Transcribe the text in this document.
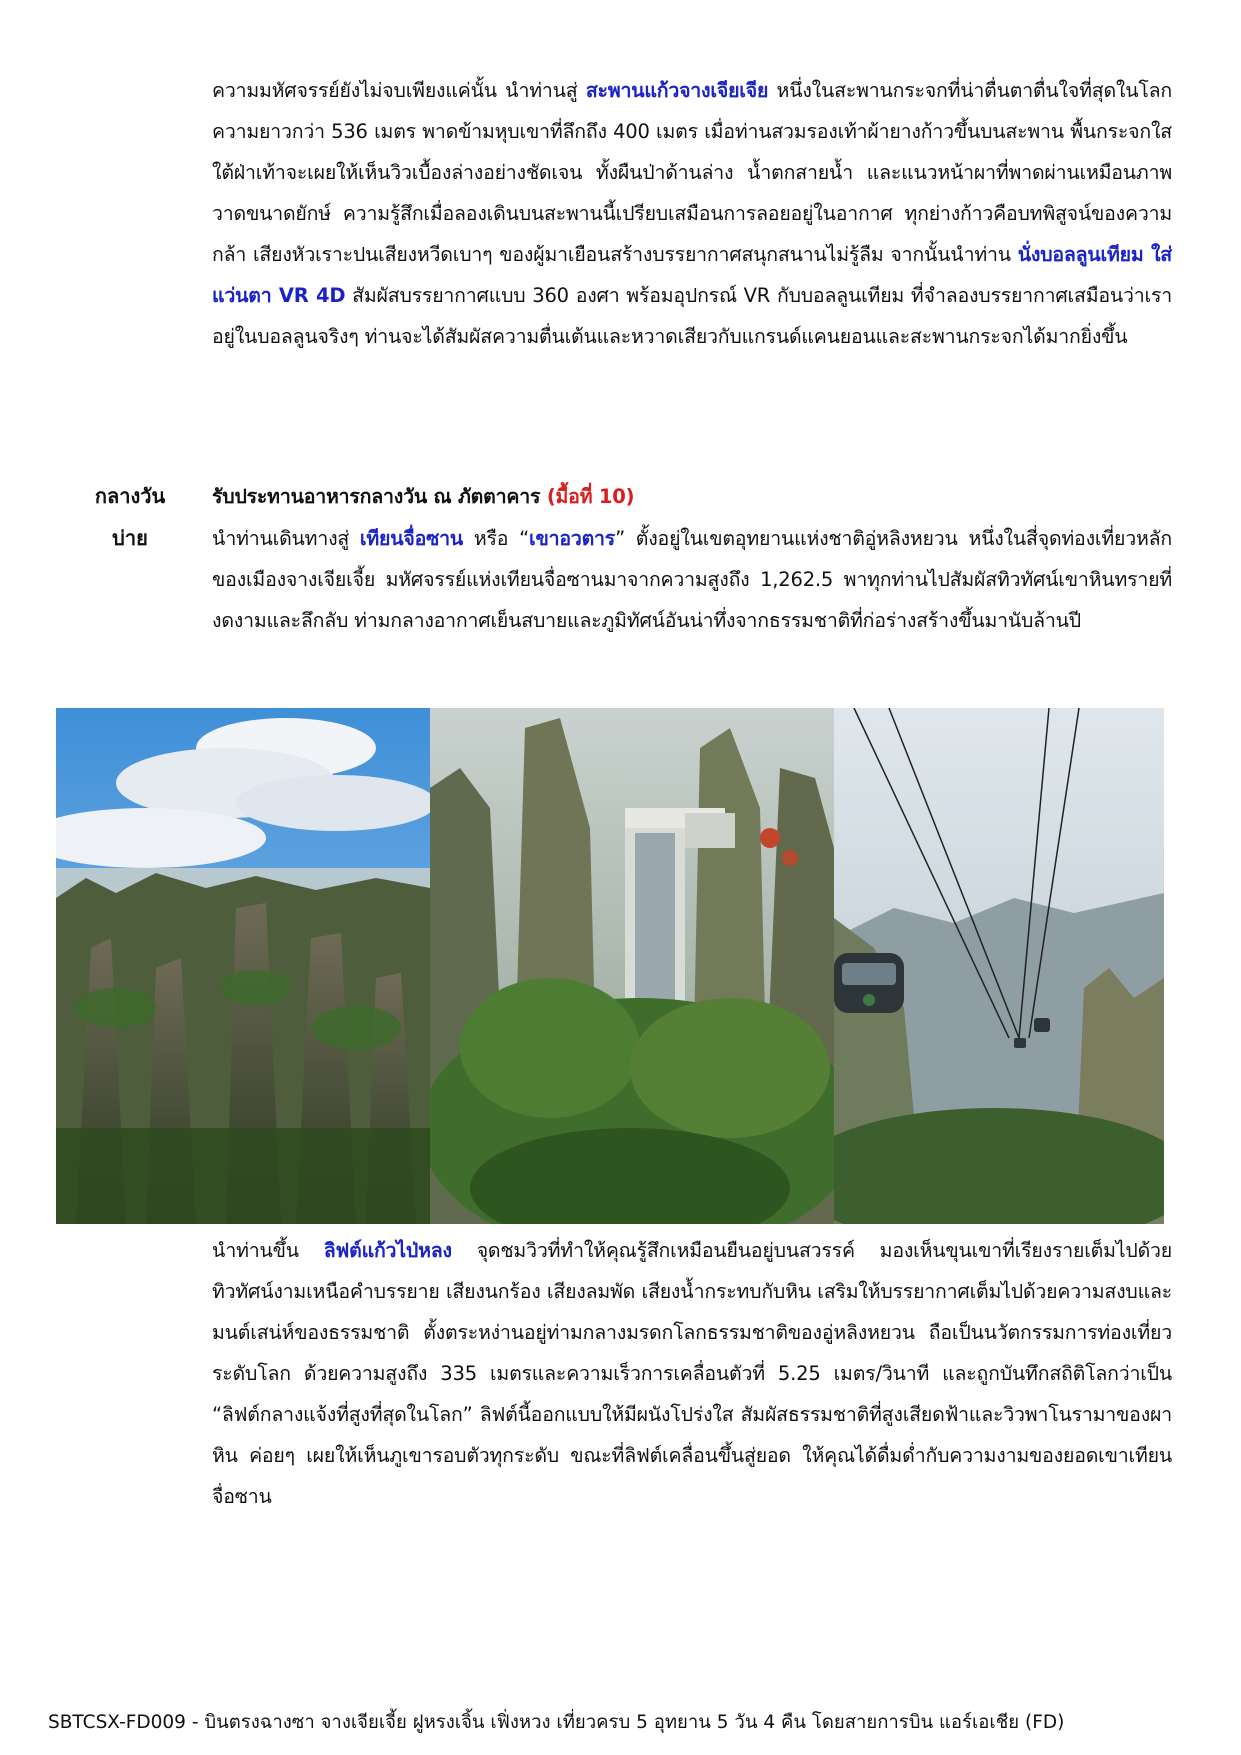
ความมหัศจรรย์ยังไม่จบเพียงแค่นั้น นำท่านสู่ สะพานแก้วจางเจียเจีย หนึ่งในสะพานกระจกที่น่าตื่นตาตื่นใจที่สุดในโลก ความยาวกว่า 536 เมตร พาดข้ามหุบเขาที่ลึกถึง 400 เมตร เมื่อท่านสวมรองเท้าผ้ายางก้าวขึ้นบนสะพาน พื้นกระจกใสใต้ฝ่าเท้าจะเผยให้เห็นวิวเบื้องล่างอย่างชัดเจน ทั้งผืนป่าด้านล่าง น้ำตกสายน้ำ และแนวหน้าผาที่พาดผ่านเหมือนภาพวาดขนาดยักษ์ ความรู้สึกเมื่อลองเดินบนสะพานนี้เปรียบเสมือนการลอยอยู่ในอากาศ ทุกย่างก้าวคือบทพิสูจน์ของความกล้า เสียงหัวเราะปนเสียงหวีดเบาๆ ของผู้มาเยือนสร้างบรรยากาศสนุกสนานไม่รู้ลืม จากนั้นนำท่าน นั่งบอลลูนเทียม ใส่แว่นตา VR 4D สัมผัสบรรยากาศแบบ 360 องศา พร้อมอุปกรณ์ VR กับบอลลูนเทียม ที่จำลองบรรยากาศเสมือนว่าเราอยู่ในบอลลูนจริงๆ ท่านจะได้สัมผัสความตื่นเต้นและหวาดเสียวกับแกรนด์แคนยอนและสะพานกระจกได้มากยิ่งขึ้น
กลางวัน	รับประทานอาหารกลางวัน ณ ภัตตาคาร (มื้อที่ 10)
บ่าย	นำท่านเดินทางสู่ เทียนจื่อซาน หรือ “เขาอวตาร” ตั้งอยู่ในเขตอุทยานแห่งชาติอู่หลิงหยวน หนึ่งในสี่จุดท่องเที่ยวหลักของเมืองจางเจียเจี้ย มหัศจรรย์แห่งเทียนจื่อซานมาจากความสูงถึง 1,262.5 พาทุกท่านไปสัมผัสทิวทัศน์เขาหินทรายที่งดงามและลึกลับ ท่ามกลางอากาศเย็นสบายและภูมิทัศน์อันน่าทึ่งจากธรรมชาติที่ก่อร่างสร้างขึ้นมานับล้านปี
นำท่านขึ้น ลิฟต์แก้วไป่หลง จุดชมวิวที่ทำให้คุณรู้สึกเหมือนยืนอยู่บนสวรรค์ มองเห็นขุนเขาที่เรียงรายเต็มไปด้วยทิวทัศน์งามเหนือคำบรรยาย เสียงนกร้อง เสียงลมพัด เสียงน้ำกระทบกับหิน เสริมให้บรรยากาศเต็มไปด้วยความสงบและมนต์เสน่ห์ของธรรมชาติ ตั้งตระหง่านอยู่ท่ามกลางมรดกโลกธรรมชาติของอู่หลิงหยวน ถือเป็นนวัตกรรมการท่องเที่ยวระดับโลก ด้วยความสูงถึง 335 เมตรและความเร็วการเคลื่อนตัวที่ 5.25 เมตร/วินาที และถูกบันทึกสถิติโลกว่าเป็น “ลิฟต์กลางแจ้งที่สูงที่สุดในโลก” ลิฟต์นี้ออกแบบให้มีผนังโปร่งใส สัมผัสธรรมชาติที่สูงเสียดฟ้าและวิวพาโนรามาของผาหิน ค่อยๆ เผยให้เห็นภูเขารอบตัวทุกระดับ ขณะที่ลิฟต์เคลื่อนขึ้นสู่ยอด ให้คุณได้ดื่มด่ำกับความงามของยอดเขาเทียนจื่อซาน
SBTCSX-FD009 - บินตรงฉางซา จางเจียเจี้ย ฝูหรงเจิ้น เฟิ่งหวง เที่ยวครบ 5 อุทยาน 5 วัน 4 คืน โดยสายการบิน แอร์เอเชีย (FD)
